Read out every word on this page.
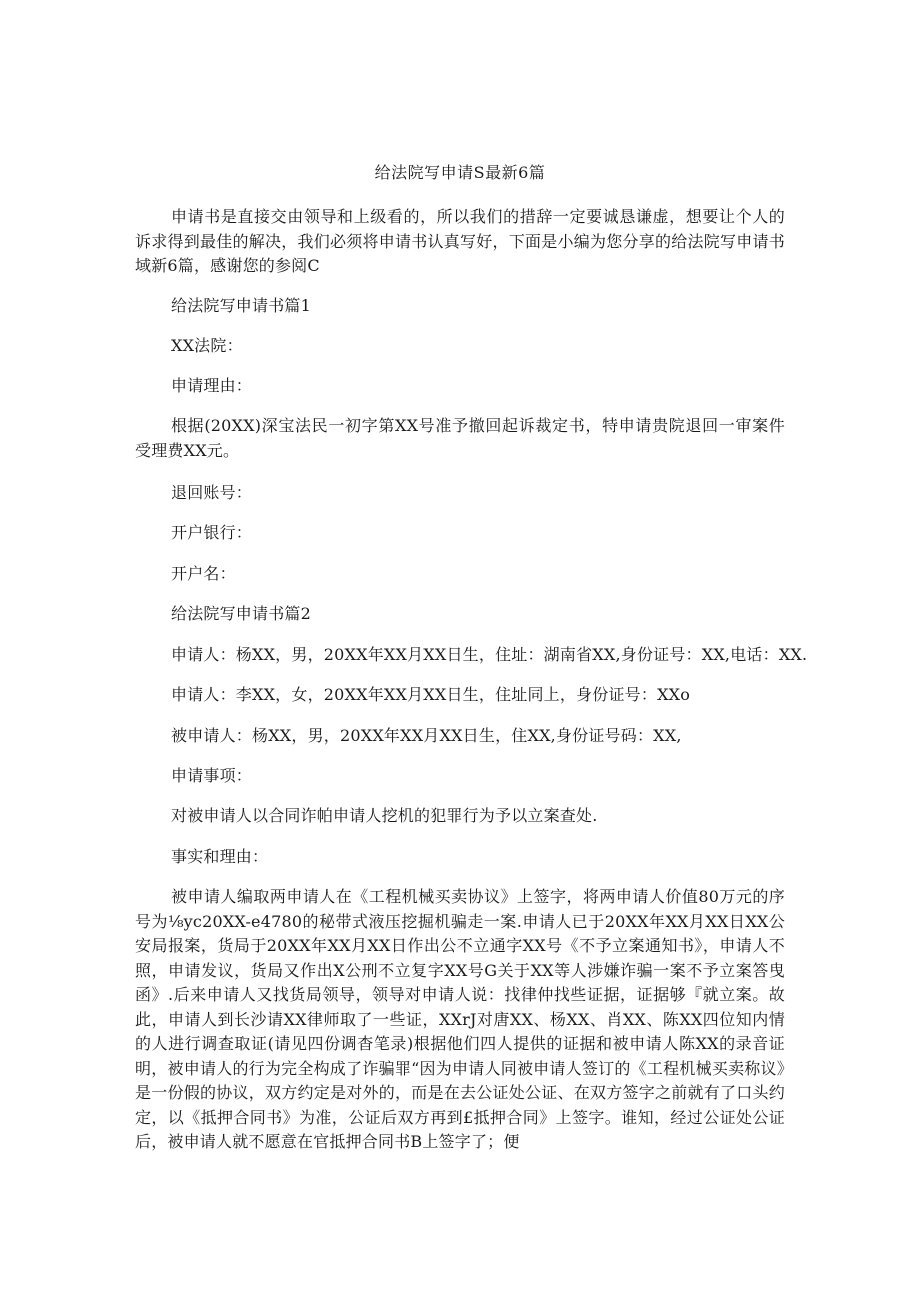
给法院写申请S最新6篇

申请书是直接交由领导和上级看的，所以我们的措辞一定要诚恳谦虚，想要让个人的诉求得到最佳的解决，我们必须将申请书认真写好，下面是小编为您分享的给法院写申请书域新6篇，感谢您的参阅C

给法院写申请书篇1

XX法院：

申请理由：

根据(20XX)深宝法民一初字第XX号准予撤回起诉裁定书，特申请贵院退回一审案件受理费XX元。

退回账号：

开户银行：

开户名：

给法院写申请书篇2

申请人：杨XX，男，20XX年XX月XX日生，住址：湖南省XX,身份证号：XX,电话：XX.

申请人：李XX，女，20XX年XX月XX日生，住址同上，身份证号：XXo

被申请人：杨XX，男，20XX年XX月XX日生，住XX,身份证号码：XX,

申请事项：

对被申请人以合同诈帕申请人挖机的犯罪行为予以立案查处.

事实和理由：

被申请人编取两申请人在《工程机械买卖协议》上签字，将两申请人价值80万元的序号为⅛yc20XX-e4780的秘带式液压挖掘机骗走一案.申请人已于20XX年XX月XX日XX公安局报案，货局于20XX年XX月XX日作出公不立通字XX号《不予立案通知书》，申请人不照，申请发议，货局又作出X公刑不立复字XX号G关于XX等人涉嫌诈骗一案不予立案答曳函》.后来申请人又找货局领导，领导对申请人说：找律仲找些证据，证据够『就立案。故此，申请人到长沙请XX律师取了一些证，XXrJ对唐XX、杨XX、肖XX、陈XX四位知内情的人进行调查取证(请见四份调杳笔录)根据他们四人提供的证据和被申请人陈XX的录音证明，被申请人的行为完全构成了诈骗罪“因为申请人同被申请人签订的《工程机械买卖称议》是一份假的协议，双方约定是对外的，而是在去公证处公证、在双方签字之前就有了口头约定，以《抵押合同书》为准，公证后双方再到£抵押合同》上签字。谁知，经过公证处公证后，被申请人就不愿意在官抵押合同书B上签字了；便
